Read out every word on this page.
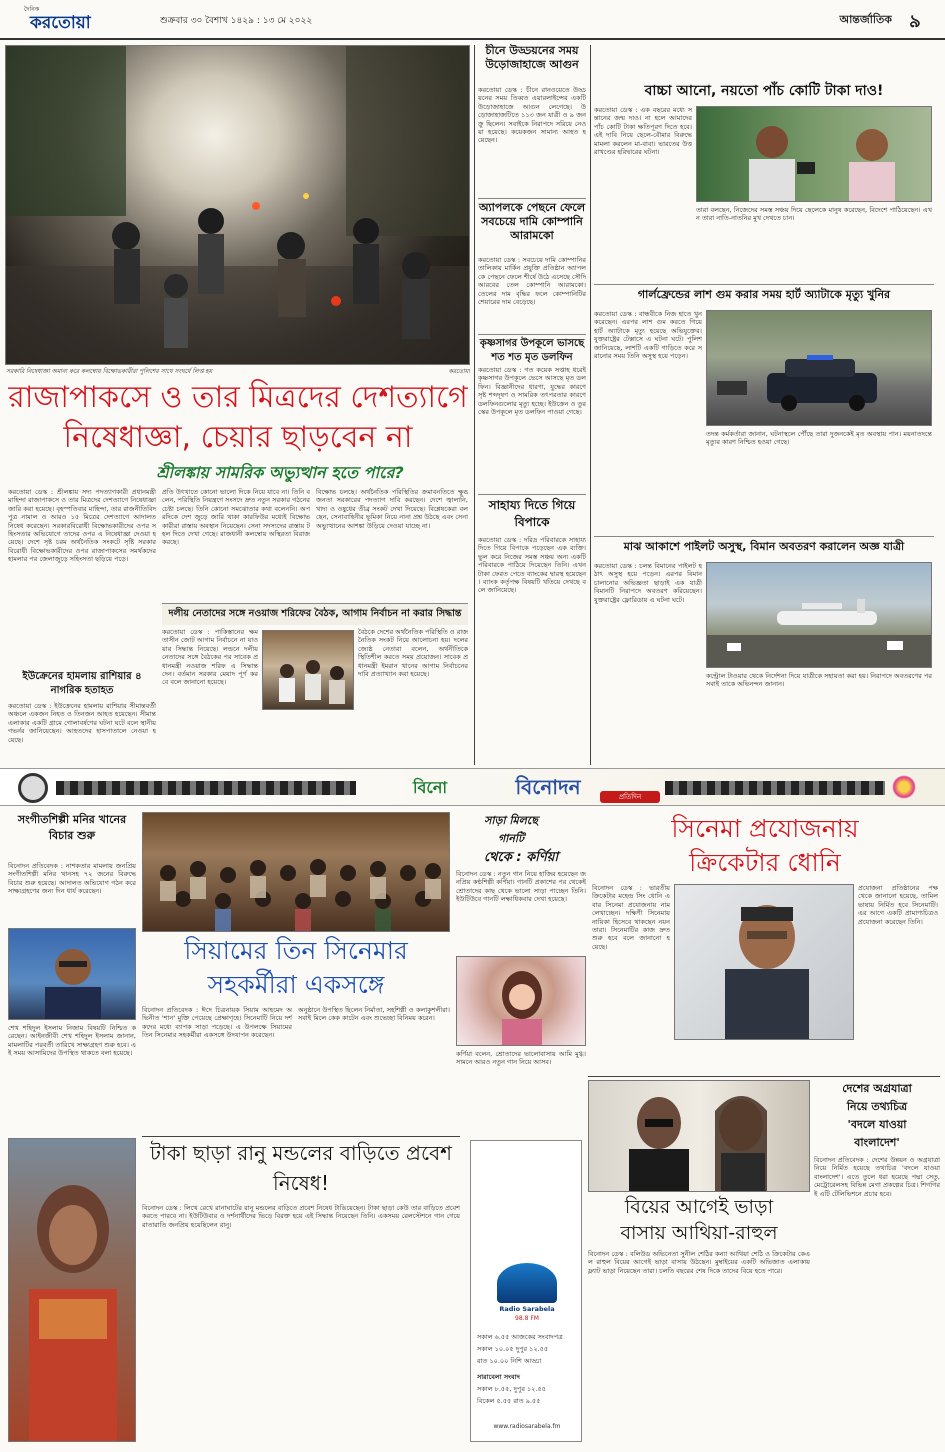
দৈনিক
করতোয়া	শুক্রবার ৩০ বৈশাখ ১৪২৯ : ১৩ মে ২০২২	আন্তর্জাতিক ৯
সরকারি নিষেধাজ্ঞা অমান্য করে কলম্বোয় বিক্ষোভকারীরা পুলিশের সাথে সংঘর্ষে লিপ্ত হয়	করতোয়া
রাজাপাকসে ও তার মিত্রদের দেশত্যাগে
নিষেধাজ্ঞা, চেয়ার ছাড়বেন না
শ্রীলঙ্কায় সামরিক অভ্যুত্থান হতে পারে?
করতোয়া ডেস্ক : শ্রীলঙ্কায় সদ্য পদত্যাগকারী প্রধানমন্ত্রী মাহিন্দা রাজাপাকসে ও তার মিত্রদের দেশত্যাগে নিষেধাজ্ঞা জারি করা হয়েছে। বৃহস্পতিবার মাহিন্দা, তার রাজনীতিবিদ পুত্র নামাল ও আরও ১৫ মিত্রের দেশত্যাগে আদালত নিষেধ করেছেন। সরকারবিরোধী বিক্ষোভকারীদের ওপর সহিংসতার অভিযোগে তাদের ওপর এ নিষেধাজ্ঞা দেওয়া হয়েছে। দেশে সৃষ্ট চরম অর্থনৈতিক সংকটে সৃষ্টি সরকারবিরোধী বিক্ষোভকারীদের ওপর রাজাপাকসের সমর্থকদের হামলার পর জেলাজুড়ে সহিংসতা ছড়িয়ে পড়ে।
প্রতি উৎখাতে কোনো ভালো দিকে নিয়ে যাবে না। তিনি বলেন, পরিস্থিতি নিয়ন্ত্রণে সংসদে দ্রুত নতুন সরকার গঠনের চেষ্টা চলছে। তিনি কোনো সমঝোতার কথা বলেননি। অপরদিকে দেশ জুড়ে জারি থাকা কারফিউর মধ্যেই বিক্ষোভকারীরা রাস্তায় অবস্থান নিয়েছেন। সেনা সদস্যদের রাস্তায় টহল দিতে দেখা গেছে। রাজধানী কলম্বোয় অস্থিরতা বিরাজ করছে।
বিক্ষোভ চলছে। অর্থনৈতিক পরিস্থিতির ক্রমাবনতিতে ক্ষুব্ধ জনতা সরকারের পদত্যাগ দাবি করছেন। দেশে জ্বালানি, খাদ্য ও ওষুধের তীব্র সংকট দেখা দিয়েছে। বিশ্লেষকেরা বলছেন, সেনাবাহিনীর ভূমিকা নিয়ে নানা প্রশ্ন উঠছে এবং সেনা অভ্যুত্থানের আশঙ্কা উড়িয়ে দেওয়া যাচ্ছে না।
ইউক্রেনের হামলায় রাশিয়ার ৪ নাগরিক হতাহত
করতোয়া ডেস্ক : ইউক্রেনের হামলায় রাশিয়ার সীমান্তবর্তী অঞ্চলে একজন নিহত ও তিনজন আহত হয়েছেন। সীমান্ত এলাকার একটি গ্রামে গোলাবর্ষণের ঘটনা ঘটে বলে স্থানীয় গভর্নর জানিয়েছেন। আহতদের হাসপাতালে নেওয়া হয়েছে।
দলীয় নেতাদের সঙ্গে নওয়াজ শরিফের বৈঠক, আগাম নির্বাচন না করার সিদ্ধান্ত
করতোয়া ডেস্ক : পাকিস্তানের ক্ষমতাসীন জোট আগাম নির্বাচনে না যাওয়ার সিদ্ধান্ত নিয়েছে। লন্ডনে দলীয় নেতাদের সঙ্গে বৈঠকের পর সাবেক প্রধানমন্ত্রী নওয়াজ শরিফ এ সিদ্ধান্ত দেন। বর্তমান সরকার মেয়াদ পূর্ণ করবে বলে জানানো হয়েছে।
বৈঠকে দেশের অর্থনৈতিক পরিস্থিতি ও রাজনৈতিক সংকট নিয়ে আলোচনা হয়। দলের জ্যেষ্ঠ নেতারা বলেন, অর্থনীতিকে স্থিতিশীল করতে সময় প্রয়োজন। সাবেক প্রধানমন্ত্রী ইমরান খানের আগাম নির্বাচনের দাবি প্রত্যাখ্যান করা হয়েছে।
চীনে উড্ডয়নের সময় উড়োজাহাজে আগুন
করতোয়া ডেস্ক : চীনে রানওয়েতে উড্ডয়নের সময় তিব্বত এয়ারলাইন্সের একটি উড়োজাহাজে আগুন লেগেছে। উড়োজাহাজটিতে ১১৩ জন যাত্রী ও ৯ জন ক্রু ছিলেন। সবাইকে নিরাপদে সরিয়ে নেওয়া হয়েছে। কয়েকজন সামান্য আহত হয়েছেন।
অ্যাপলকে পেছনে ফেলে সবচেয়ে দামি কোম্পানি আরামকো
করতোয়া ডেস্ক : সবচেয়ে দামি কোম্পানির তালিকায় মার্কিন প্রযুক্তি প্রতিষ্ঠান অ্যাপলকে পেছনে ফেলে শীর্ষে উঠে এসেছে সৌদি আরবের তেল কোম্পানি আরামকো। তেলের দাম বৃদ্ধির ফলে কোম্পানিটির শেয়ারের দাম বেড়েছে।
কৃষ্ণসাগর উপকূলে ভাসছে শত শত মৃত ডলফিন
করতোয়া ডেস্ক : গত কয়েক সপ্তাহ ধরেই কৃষ্ণসাগর উপকূলে ভেসে আসছে মৃত ডলফিন। বিজ্ঞানীদের ধারণা, যুদ্ধের কারণে সৃষ্ট শব্দদূষণ ও সামরিক তৎপরতার কারণে ডলফিনগুলোর মৃত্যু হচ্ছে। ইউক্রেন ও তুরস্কের উপকূলে মৃত ডলফিন পাওয়া গেছে।
সাহায্য দিতে গিয়ে বিপাকে
করতোয়া ডেস্ক : দরিদ্র পরিবারকে সাহায্য দিতে গিয়ে বিপাকে পড়েছেন এক ব্যক্তি। ভুল করে নিজের সমস্ত সঞ্চয় অন্য একটি পরিবারকে পাঠিয়ে দিয়েছেন তিনি। এখন টাকা ফেরত পেতে ব্যাংকের দ্বারস্থ হয়েছেন। ব্যাংক কর্তৃপক্ষ বিষয়টি খতিয়ে দেখছে বলে জানিয়েছে।
বাচ্চা আনো, নয়তো পাঁচ কোটি টাকা দাও!
করতোয়া ডেস্ক : এক বছরের মধ্যে সন্তানের জন্ম দাও। না হলে আমাদের পাঁচ কোটি টাকা ক্ষতিপূরণ দিতে হবে। এই দাবি নিয়ে ছেলে-বৌমার বিরুদ্ধে মামলা করলেন মা-বাবা। ভারতের উত্তরাখণ্ডের হরিদ্বারের ঘটনা।
তারা বলছেন, নিজেদের সমস্ত সঞ্চয় দিয়ে ছেলেকে মানুষ করেছেন, বিদেশে পাঠিয়েছেন। এখন তারা নাতি-নাতনির মুখ দেখতে চান।
গার্লফ্রেন্ডের লাশ গুম করার সময় হার্ট অ্যাটাকে মৃত্যু খুনির
করতোয়া ডেস্ক : বান্ধবীকে নিজ হাতে খুন করেছেন। এরপর লাশ গুম করতে গিয়ে হার্ট অ্যাটাকে মৃত্যু হয়েছে অভিযুক্তের। যুক্তরাষ্ট্রের টেক্সাসে এ ঘটনা ঘটে। পুলিশ জানিয়েছে, লাশটি একটি গাড়িতে করে সরানোর সময় তিনি অসুস্থ হয়ে পড়েন।
তদন্ত কর্মকর্তারা জানান, ঘটনাস্থলে পৌঁছে তারা দুজনকেই মৃত অবস্থায় পান। ময়নাতদন্তে মৃত্যুর কারণ নিশ্চিত হওয়া গেছে।
মাঝ আকাশে পাইলট অসুস্থ, বিমান অবতরণ করালেন অজ্ঞ যাত্রী
করতোয়া ডেস্ক : চলন্ত বিমানের পাইলট হঠাৎ অসুস্থ হয়ে পড়েন। এরপর বিমান চালানোর অভিজ্ঞতা ছাড়াই এক যাত্রী বিমানটি নিরাপদে অবতরণ করিয়েছেন। যুক্তরাষ্ট্রের ফ্লোরিডায় এ ঘটনা ঘটে।
কন্ট্রোল টাওয়ার থেকে নির্দেশনা দিয়ে যাত্রীকে সহায়তা করা হয়। নিরাপদে অবতরণের পর সবাই তাকে অভিনন্দন জানান।
বিনো	বিনোদন	প্রতিদিন
সংগীতশিল্পী মনির খানের বিচার শুরু
বিনোদন প্রতিবেদক : নাশকতার মামলায় জনপ্রিয় সংগীতশিল্পী মনির খানসহ ৭২ জনের বিরুদ্ধে বিচার শুরু হয়েছে। আদালত অভিযোগ গঠন করে সাক্ষ্যগ্রহণের জন্য দিন ধার্য করেছেন।
শেখ শহিদুল ইসলাম নিজাম বিষয়টি নিশ্চিত করেছেন। আইনজীবী শেখ শহিদুল ইসলাম জানান, মামলাটির পরবর্তী তারিখে সাক্ষ্যগ্রহণ শুরু হবে। এই সময় আসামিদের উপস্থিত থাকতে বলা হয়েছে।
সিয়ামের তিন সিনেমার
সহকর্মীরা একসঙ্গে
বিনোদন প্রতিবেদক : ঈদে চিত্রনায়ক সিয়াম আহমেদ অভিনীত 'শান' মুক্তি পেয়েছে প্রেক্ষাগৃহে। সিনেমাটি নিয়ে দর্শকদের মধ্যে ব্যাপক সাড়া পড়েছে। এ উপলক্ষে সিয়ামের তিন সিনেমার সহকর্মীরা একসঙ্গে উদযাপন করেছেন।
অনুষ্ঠানে উপস্থিত ছিলেন নির্মাতা, সহশিল্পী ও কলাকুশলীরা। সবাই মিলে কেক কাটেন এবং শুভেচ্ছা বিনিময় করেন।
সাড়া মিলছে
গানটি
থেকে : কর্ণিয়া
বিনোদন ডেস্ক : নতুন গান নিয়ে হাজির হয়েছেন জনপ্রিয় কণ্ঠশিল্পী কর্ণিয়া। গানটি প্রকাশের পর থেকেই শ্রোতাদের কাছ থেকে ভালো সাড়া পাচ্ছেন তিনি। ইউটিউবে গানটি লক্ষাধিকবার দেখা হয়েছে।
কর্ণিয়া বলেন, শ্রোতাদের ভালোবাসায় আমি মুগ্ধ। সামনে আরও নতুন গান নিয়ে আসব।
সিনেমা প্রযোজনায়
ক্রিকেটার ধোনি
বিনোদন ডেস্ক : ভারতীয় ক্রিকেটার মহেন্দ্র সিং ধোনি এবার সিনেমা প্রযোজনায় নাম লেখাচ্ছেন। দক্ষিণী সিনেমায় নায়িকা হিসেবে থাকছেন নয়নতারা। সিনেমাটির কাজ দ্রুত শুরু হবে বলে জানানো হয়েছে।
প্রযোজনা প্রতিষ্ঠানের পক্ষ থেকে জানানো হয়েছে, তামিল ভাষায় নির্মিত হবে সিনেমাটি। এর আগে একটি প্রামাণ্যচিত্রও প্রযোজনা করেছেন তিনি।
টাকা ছাড়া রানু মন্ডলের বাড়িতে প্রবেশ নিষেধ!
বিনোদন ডেস্ক : লিখে রেখে রানাঘাটের রানু মন্ডলের বাড়িতে প্রবেশ নিষেধ টাঙিয়েছেন। টাকা ছাড়া কেউ তার বাড়িতে প্রবেশ করতে পারবে না। ইউটিউবার ও দর্শনার্থীদের ভিড়ে বিরক্ত হয়ে এই সিদ্ধান্ত নিয়েছেন তিনি। একসময় রেলস্টেশনে গান গেয়ে রাতারাতি জনপ্রিয় হয়েছিলেন রানু।
Radio Sarabela
98.8 FM
সকাল ৬.৫৫ আজকের সংবাদপত্র
সকাল ১০.০৫ দুপুর ১২.৫৫
রাত ১০.০০ নিশি আড্ডা
সারাবেলা সংবাদ
সকাল ৮.৫৫, দুপুর ১২.৫৫
বিকেল ৫.৫৫ রাত ৯.৫৫
www.radiosarabela.fm
বিয়ের আগেই ভাড়া
বাসায় আথিয়া-রাহুল
বিনোদন ডেস্ক : বলিউড অভিনেতা সুনীল শেঠির কন্যা আথিয়া শেঠি ও ক্রিকেটার কেএল রাহুল বিয়ের আগেই ভাড়া বাসায় উঠছেন। মুম্বাইয়ের একটি অভিজাত এলাকায় ফ্ল্যাট ভাড়া নিয়েছেন তারা। চলতি বছরের শেষ দিকে তাদের বিয়ে হতে পারে।
দেশের অগ্রযাত্রা
নিয়ে তথ্যচিত্র
'বদলে যাওয়া
বাংলাদেশ'
বিনোদন প্রতিবেদক : দেশের উন্নয়ন ও অগ্রযাত্রা নিয়ে নির্মিত হয়েছে তথ্যচিত্র 'বদলে যাওয়া বাংলাদেশ'। এতে তুলে ধরা হয়েছে পদ্মা সেতু, মেট্রোরেলসহ বিভিন্ন মেগা প্রকল্পের চিত্র। শিগগিরই এটি টেলিভিশনে প্রচার হবে।
